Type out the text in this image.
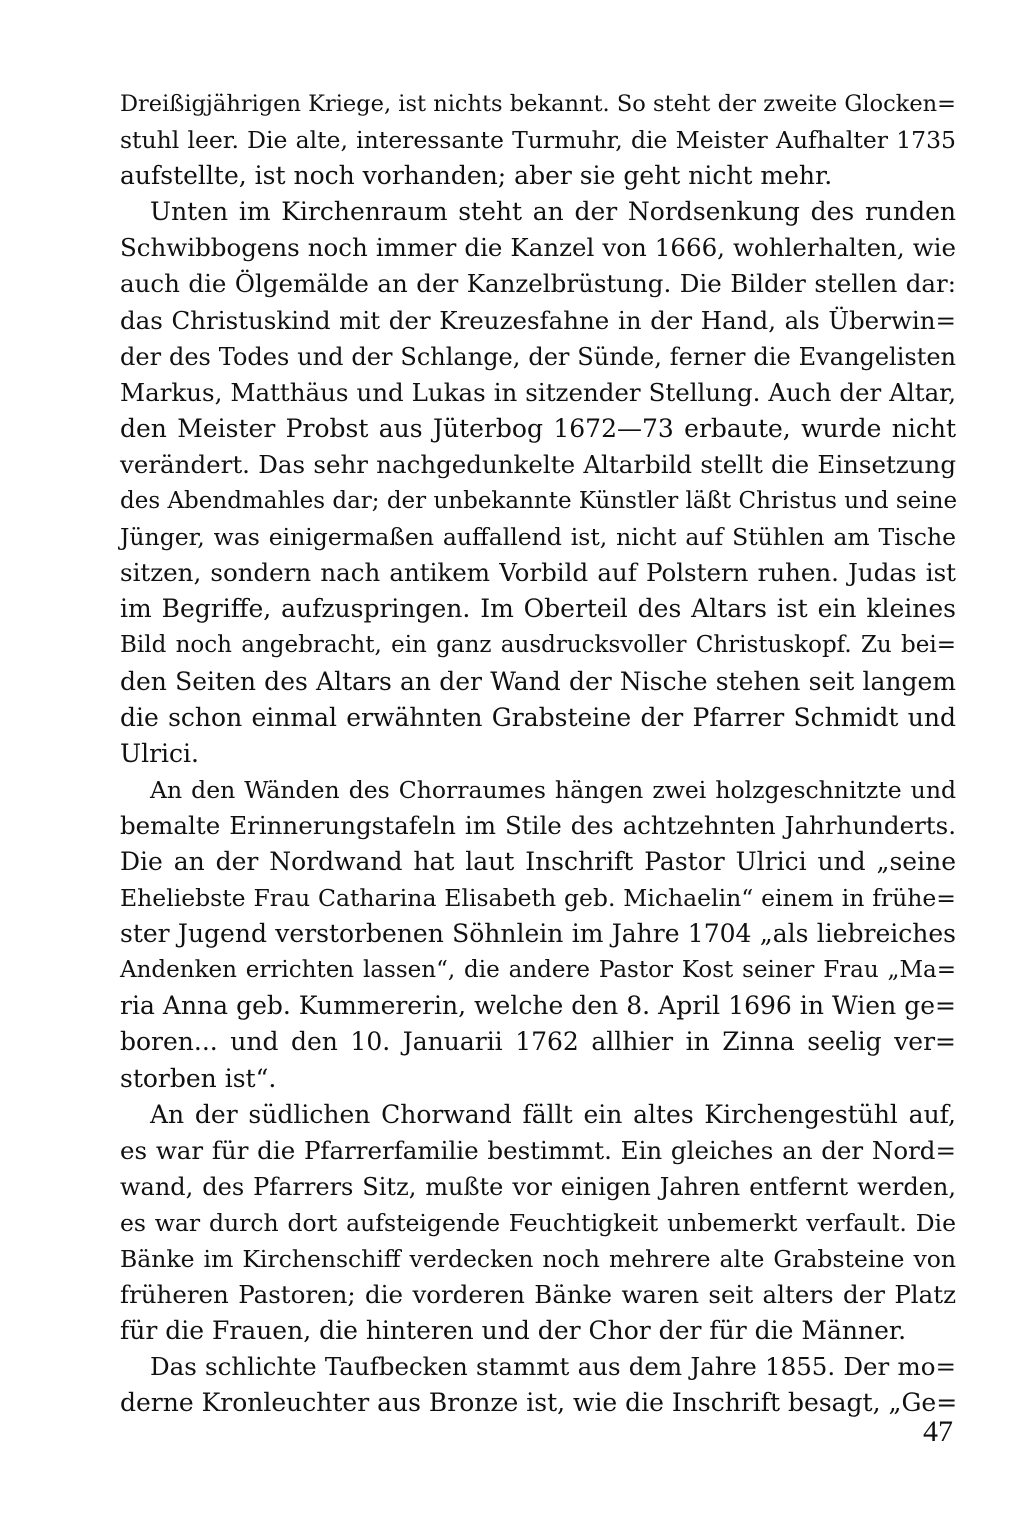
Dreißigjährigen Kriege, ist nichts bekannt. So steht der zweite Glocken=
stuhl leer. Die alte, interessante Turmuhr, die Meister Aufhalter 1735
aufstellte, ist noch vorhanden; aber sie geht nicht mehr.

Unten im Kirchenraum steht an der Nordsenkung des runden
Schwibbogens noch immer die Kanzel von 1666, wohlerhalten, wie
auch die Ölgemälde an der Kanzelbrüstung. Die Bilder stellen dar:
das Christuskind mit der Kreuzesfahne in der Hand, als Überwin=
der des Todes und der Schlange, der Sünde, ferner die Evangelisten
Markus, Matthäus und Lukas in sitzender Stellung. Auch der Altar,
den Meister Probst aus Jüterbog 1672—73 erbaute, wurde nicht
verändert. Das sehr nachgedunkelte Altarbild stellt die Einsetzung
des Abendmahles dar; der unbekannte Künstler läßt Christus und seine
Jünger, was einigermaßen auffallend ist, nicht auf Stühlen am Tische
sitzen, sondern nach antikem Vorbild auf Polstern ruhen. Judas ist
im Begriffe, aufzuspringen. Im Oberteil des Altars ist ein kleines
Bild noch angebracht, ein ganz ausdrucksvoller Christuskopf. Zu bei=
den Seiten des Altars an der Wand der Nische stehen seit langem
die schon einmal erwähnten Grabsteine der Pfarrer Schmidt und
Ulrici.

An den Wänden des Chorraumes hängen zwei holzgeschnitzte und
bemalte Erinnerungstafeln im Stile des achtzehnten Jahrhunderts.
Die an der Nordwand hat laut Inschrift Pastor Ulrici und „seine
Eheliebste Frau Catharina Elisabeth geb. Michaelin“ einem in frühe=
ster Jugend verstorbenen Söhnlein im Jahre 1704 „als liebreiches
Andenken errichten lassen“, die andere Pastor Kost seiner Frau „Ma=
ria Anna geb. Kummererin, welche den 8. April 1696 in Wien ge=
boren... und den 10. Januarii 1762 allhier in Zinna seelig ver=
storben ist“.

An der südlichen Chorwand fällt ein altes Kirchengestühl auf,
es war für die Pfarrerfamilie bestimmt. Ein gleiches an der Nord=
wand, des Pfarrers Sitz, mußte vor einigen Jahren entfernt werden,
es war durch dort aufsteigende Feuchtigkeit unbemerkt verfault. Die
Bänke im Kirchenschiff verdecken noch mehrere alte Grabsteine von
früheren Pastoren; die vorderen Bänke waren seit alters der Platz
für die Frauen, die hinteren und der Chor der für die Männer.

Das schlichte Taufbecken stammt aus dem Jahre 1855. Der mo=
derne Kronleuchter aus Bronze ist, wie die Inschrift besagt, „Ge=

47
